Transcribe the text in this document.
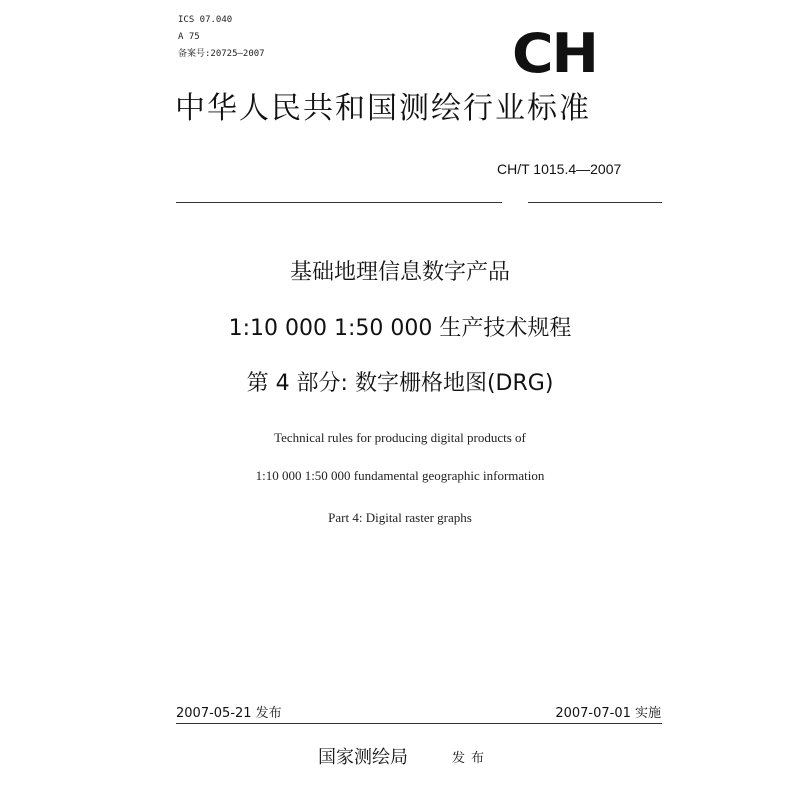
ICS 07.040
A 75
备案号:20725—2007	CH
中华人民共和国测绘行业标准
CH/T 1015.4—2007
基础地理信息数字产品
1:10 000 1:50 000 生产技术规程
第 4 部分: 数字栅格地图(DRG)
Technical rules for producing digital products of
1:10 000 1:50 000 fundamental geographic information
Part 4: Digital raster graphs
2007-05-21 发布	2007-07-01 实施
国家测绘局	发布
